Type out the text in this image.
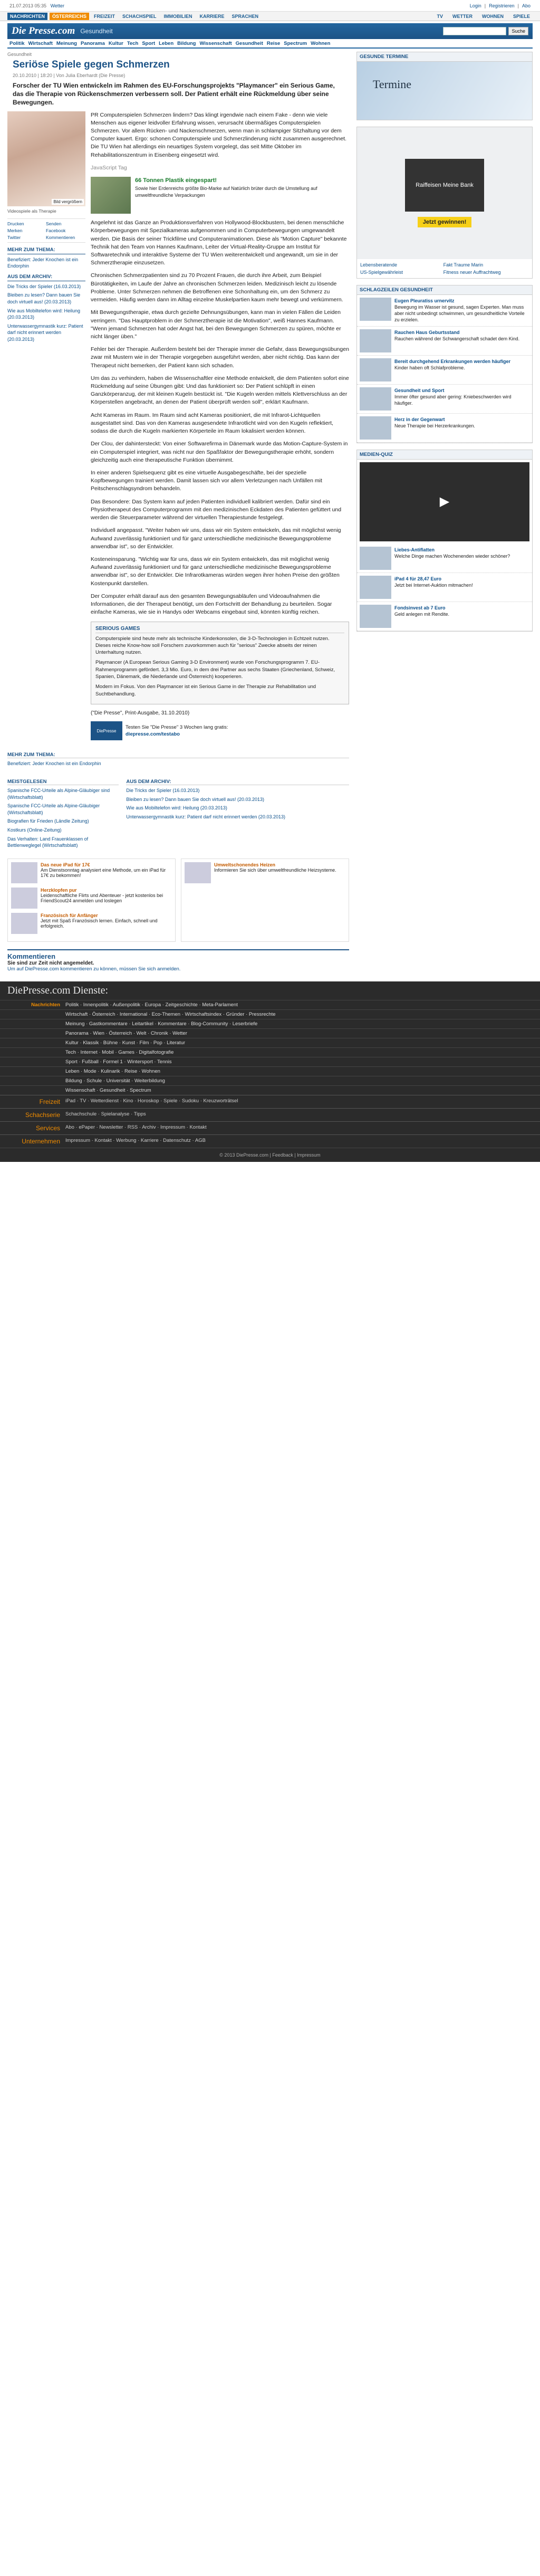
21.07.2013 05:35 Wetter	Login | Registrieren | Abo
NACHRICHTEN	ÖSTERREICHS	FREIZEIT	SCHACHSPIEL	IMMOBILIEN	KARRIERE	SPRACHEN	TV	WETTER	WOHNEN	SPIELE
Die Presse.com Gesundheit	Suche
Politik Wirtschaft Meinung Panorama Kultur Tech Sport Leben Bildung Wissenschaft Gesundheit Reise Spectrum Wohnen
Gesundheit
Seriöse Spiele gegen Schmerzen
20.10.2010 | 18:20 | Von Julia Eberhardt (Die Presse)
Forscher der TU Wien entwickeln im Rahmen des EU-Forschungsprojekts "Playmancer" ein Serious Game, das die Therapie von Rückenschmerzen verbessern soll. Der Patient erhält eine Rückmeldung über seine Bewegungen.
Bild vergrößern
Videospiele als Therapie
Drucken	Senden
Merken	Facebook
Twitter	Kommentieren
MEHR ZUM THEMA:
Benefiziert: Jeder Knochen ist ein Endorphin
AUS DEM ARCHIV:
Die Tricks der Spieler (16.03.2013)
Bleiben zu lesen? Dann bauen Sie doch virtuell aus! (20.03.2013)
Wie aus Mobiltelefon wird: Heilung (20.03.2013)
Unterwassergymnastik kurz: Patient darf nicht erinnert werden (20.03.2013)

PR Computerspielen Schmerzen lindern? Das klingt irgendwie nach einem Fake - denn wie viele Menschen aus eigener leidvoller Erfahrung wissen, verursacht übermäßiges Computerspielen Schmerzen. Vor allem Rücken- und Nackenschmerzen, wenn man in schlampiger Sitzhaltung vor dem Computer kauert. Ergo: schonen Computerspiele und Schmerzlinderung nicht zusammen ausgerechnet. Die TU Wien hat allerdings ein neuartiges System vorgelegt, das seit Mitte Oktober im Rehabilitationszentrum in Eisenberg eingesetzt wird.

JavaScript Tag

66 Tonnen Plastik eingespart!
Sowie hier Erdenreichs größte Bio-Marke auf Natürlich brüter durch die Umstellung auf umweltfreundliche Verpackungen

Angelehnt ist das Ganze an Produktionsverfahren von Hollywood-Blockbustern, bei denen menschliche Körperbewegungen mit Spezialkameras aufgenommen und in Computerbewegungen umgewandelt werden. Die Basis der seiner Trickfilme und Computeranimationen. Diese als "Motion Capture" bekannte Technik hat den Team von Hannes Kaufmann, Leiter der Virtual-Reality-Gruppe am Institut für Softwaretechnik und interaktive Systeme der TU Wien weiterentwickelt und angewandt, um sie in der Schmerztherapie einzusetzen.

Chronischen Schmerzpatienten sind zu 70 Prozent Frauen, die durch ihre Arbeit, zum Beispiel Bürotätigkeiten, im Laufe der Jahre an chronischen Schmerzen leiden. Medizinisch leicht zu lösende Probleme. Unter Schmerzen nehmen die Betroffenen eine Schonhaltung ein, um den Schmerz zu vermeiden. Häufig werden dann im Alltag einzelne Muskelpartien kaum mehr bewegt und verkümmern.

Mit Bewegungstherapie, etwa durch gezielte Dehnungsübungen, kann man in vielen Fällen die Leiden verringern. "Das Hauptproblem in der Schmerztherapie ist die Motivation", weiß Hannes Kaufmann. "Wenn jemand Schmerzen hat oder Angst hat, bei den Bewegungen Schmerzen zu spüren, möchte er nicht länger üben."

Fehler bei der Therapie. Außerdem besteht bei der Therapie immer die Gefahr, dass Bewegungsübungen zwar mit Mustern wie in der Therapie vorgegeben ausgeführt werden, aber nicht richtig. Das kann der Therapeut nicht bemerken, der Patient kann sich schaden.

Um das zu verhindern, haben die Wissenschaftler eine Methode entwickelt, die dem Patienten sofort eine Rückmeldung auf seine Übungen gibt: Und das funktioniert so: Der Patient schlüpft in einen Ganzkörperanzug, der mit kleinen Kugeln bestückt ist. "Die Kugeln werden mittels Klettverschluss an der Körperstellen angebracht, an denen der Patient überprüft werden soll", erklärt Kaufmann.

Acht Kameras im Raum. Im Raum sind acht Kameras positioniert, die mit Infrarot-Lichtquellen ausgestattet sind. Das von den Kameras ausgesendete Infrarotlicht wird von den Kugeln reflektiert, sodass die durch die Kugeln markierten Körperteile im Raum lokalisiert werden können.

Der Clou, der dahintersteckt: Von einer Softwarefirma in Dänemark wurde das Motion-Capture-System in ein Computerspiel integriert, was nicht nur den Spaßfaktor der Bewegungstherapie erhöht, sondern gleichzeitig auch eine therapeutische Funktion übernimmt.

In einer anderen Spielsequenz gibt es eine virtuelle Ausgabegeschäfte, bei der spezielle Kopfbewegungen trainiert werden. Damit lassen sich vor allem Verletzungen nach Unfällen mit Peitschenschlagsyndrom behandeln.

Das Besondere: Das System kann auf jeden Patienten individuell kalibriert werden. Dafür sind ein Physiotherapeut des Computerprogramm mit den medizinischen Eckdaten des Patienten gefüttert und werden die Steuerparameter während der virtuellen Therapiestunde festgelegt.

Individuell angepasst. "Weiter haben wir uns, dass wir ein System entwickeln, das mit möglichst wenig Aufwand zuverlässig funktioniert und für ganz unterschiedliche medizinische Bewegungsprobleme anwendbar ist", so der Entwickler.

Kosteneinsparung. "Wichtig war für uns, dass wir ein System entwickeln, das mit möglichst wenig Aufwand zuverlässig funktioniert und für ganz unterschiedliche medizinische Bewegungsprobleme anwendbar ist", so der Entwickler. Die Infrarotkameras würden wegen ihrer hohen Preise den größten Kostenpunkt darstellen.

Der Computer erhält darauf aus den gesamten Bewegungsabläufen und Videoaufnahmen die Informationen, die der Therapeut benötigt, um den Fortschritt der Behandlung zu beurteilen. Sogar einfache Kameras, wie sie in Handys oder Webcams eingebaut sind, könnten künftig reichen.

SERIOUS GAMES

Computerspiele sind heute mehr als technische Kinderkonsolen, die 3-D-Technologien in Echtzeit nutzen. Dieses reiche Know-how soll Forschern zuvorkommen auch für "serious" Zwecke abseits der reinen Unterhaltung nutzen.

Playmancer (A European Serious Gaming 3-D Environment) wurde von Forschungsprogramm 7. EU-Rahmenprogramm gefördert. 3,3 Mio. Euro, in dem drei Partner aus sechs Staaten (Griechenland, Schweiz, Spanien, Dänemark, die Niederlande und Österreich) kooperieren.

Modern im Fokus. Von den Playmancer ist ein Serious Game in der Therapie zur Rehabilitation und Suchtbehandlung.

("Die Presse", Print-Ausgabe, 31.10.2010)
DiePresse
Testen Sie "Die Presse" 3 Wochen lang gratis:
diepresse.com/testabo
MEHR ZUM THEMA:
Benefiziert: Jeder Knochen ist ein Endorphin
MEISTGELESEN
Spanische FCC-Urteile als Alpine-Gläubiger sind (Wirtschaftsblatt)
Spanische FCC-Urteile als Alpine-Gläubiger (Wirtschaftsblatt)
Biografien für Frieden (Ländle Zeitung)
Kostkurs (Online-Zeitung)
Das Verhalten: Land Frauenklassen of Bettlenweglegel (Wirtschaftsblatt)
AUS DEM ARCHIV:
Die Tricks der Spieler (16.03.2013)
Bleiben zu lesen? Dann bauen Sie doch virtuell aus! (20.03.2013)
Wie aus Mobiltelefon wird: Heilung (20.03.2013)
Unterwassergymnastik kurz: Patient darf nicht erinnert werden (20.03.2013)
Das neue iPad für 17€
Am Dienstsonntag analysiert eine Methode, um ein iPad für 17€ zu bekommen!
Herzklopfen pur
Leidenschaftliche Flirts und Abenteuer - jetzt kostenlos bei FriendScout24 anmelden und loslegen
Französisch für Anfänger
Jetzt mit Spaß Französisch lernen. Einfach, schnell und erfolgreich.
Umweltschonendes Heizen
Informieren Sie sich über umweltfreundliche Heizsysteme.
Kommentieren
Sie sind zur Zeit nicht angemeldet.
Um auf DiePresse.com kommentieren zu können, müssen Sie sich anmelden.
GESUNDE TERMINE
Termine
Raiffeisen Meine Bank
Jetzt gewinnen!
Lebensberatende	Fakt Traume Marin
US-Spielgewährleist	Fitness neuer Auffrachtweg
SCHLAGZEILEN GESUNDHEIT
Eugen Pleuratiss urnervitz
Bewegung im Wasser ist gesund, sagen Experten. Man muss aber nicht unbedingt schwimmen, um gesundheitliche Vorteile zu erzielen.
Rauchen Haus Geburtsstand
Rauchen während der Schwangerschaft schadet dem Kind.
Bereit durchgehend Erkrankungen werden häufiger
Kinder haben oft Schlafprobleme.
Gesundheit und Sport
Immer öfter gesund aber gering: Kniebeschwerden wird häufiger.
Herz in der Gegenwart
Neue Therapie bei Herzerkrankungen.
MEDIEN-QUIZ
▶
Liebes-Antiflatten
Welche Dinge machen Wochenenden wieder schöner?
iPad 4 für 28,47 Euro
Jetzt bei Internet-Auktion mitmachen!
Fondsinvest ab 7 Euro
Geld anlegen mit Rendite.
DiePresse.com Dienste:
Nachrichten	Politik · Innenpolitik · Außenpolitik · Europa · Zeitgeschichte · Meta-Parlament
Wirtschaft · Österreich · International · Eco-Themen · Wirtschaftsindex · Gründer · Pressrechte
Meinung · Gastkommentare · Leitartikel · Kommentare · Blog-Community · Leserbriefe
Panorama · Wien · Österreich · Welt · Chronik · Wetter
Kultur · Klassik · Bühne · Kunst · Film · Pop · Literatur
Tech · Internet · Mobil · Games · Digitalfotografie
Sport · Fußball · Formel 1 · Wintersport · Tennis
Leben · Mode · Kulinarik · Reise · Wohnen
Bildung · Schule · Universität · Weiterbildung
Wissenschaft · Gesundheit · Spectrum
Freizeit	iPad · TV · Wetterdienst · Kino · Horoskop · Spiele · Sudoku · Kreuzworträtsel
Schachserie	Schachschule · Spielanalyse · Tipps
Services	Abo · ePaper · Newsletter · RSS · Archiv · Impressum · Kontakt
Unternehmen	Impressum · Kontakt · Werbung · Karriere · Datenschutz · AGB
© 2013 DiePresse.com | Feedback | Impressum
